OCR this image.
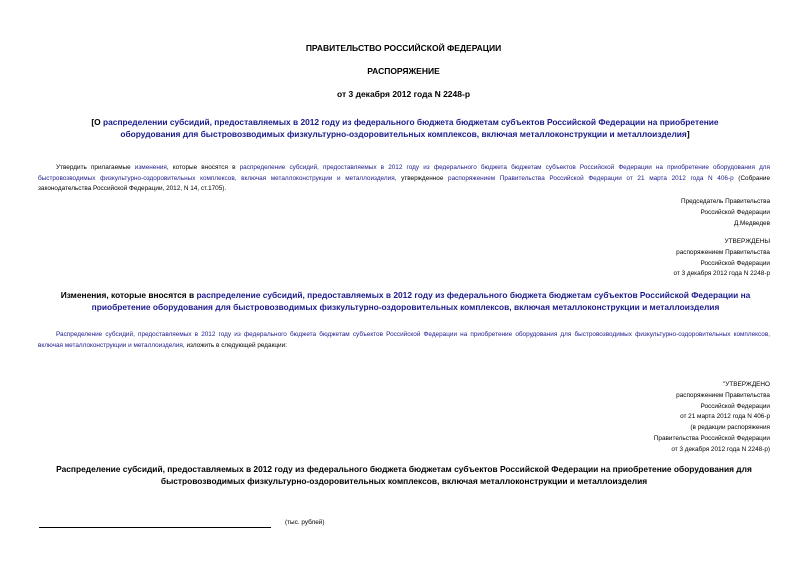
ПРАВИТЕЛЬСТВО РОССИЙСКОЙ ФЕДЕРАЦИИ
РАСПОРЯЖЕНИЕ
от 3 декабря 2012 года N 2248-р
[О распределении субсидий, предоставляемых в 2012 году из федерального бюджета бюджетам субъектов Российской Федерации на приобретение оборудования для быстровозводимых физкультурно-оздоровительных комплексов, включая металлоконструкции и металлоизделия]
Утвердить прилагаемые изменения, которые вносятся в распределение субсидий, предоставляемых в 2012 году из федерального бюджета бюджетам субъектов Российской Федерации на приобретение оборудования для быстровозводимых физкультурно-оздоровительных комплексов, включая металлоконструкции и металлоизделия, утвержденное распоряжением Правительства Российской Федерации от 21 марта 2012 года N 406-р (Собрание законодательства Российской Федерации, 2012, N 14, ст.1705).
Председатель Правительства
Российской Федерации
Д.Медведев
УТВЕРЖДЕНЫ
распоряжением Правительства
Российской Федерации
от 3 декабря 2012 года N 2248-р
Изменения, которые вносятся в распределение субсидий, предоставляемых в 2012 году из федерального бюджета бюджетам субъектов Российской Федерации на приобретение оборудования для быстровозводимых физкультурно-оздоровительных комплексов, включая металлоконструкции и металлоизделия
Распределение субсидий, предоставляемых в 2012 году из федерального бюджета бюджетам субъектов Российской Федерации на приобретение оборудования для быстровозводимых физкультурно-оздоровительных комплексов, включая металлоконструкции и металлоизделия, изложить в следующей редакции:
"УТВЕРЖДЕНО
распоряжением Правительства
Российской Федерации
от 21 марта 2012 года N 406-р
(в редакции распоряжения
Правительства Российской Федерации
от 3 декабря 2012 года N 2248-р)
Распределение субсидий, предоставляемых в 2012 году из федерального бюджета бюджетам субъектов Российской Федерации на приобретение оборудования для быстровозводимых физкультурно-оздоровительных комплексов, включая металлоконструкции и металлоизделия
(тыс. рублей)
